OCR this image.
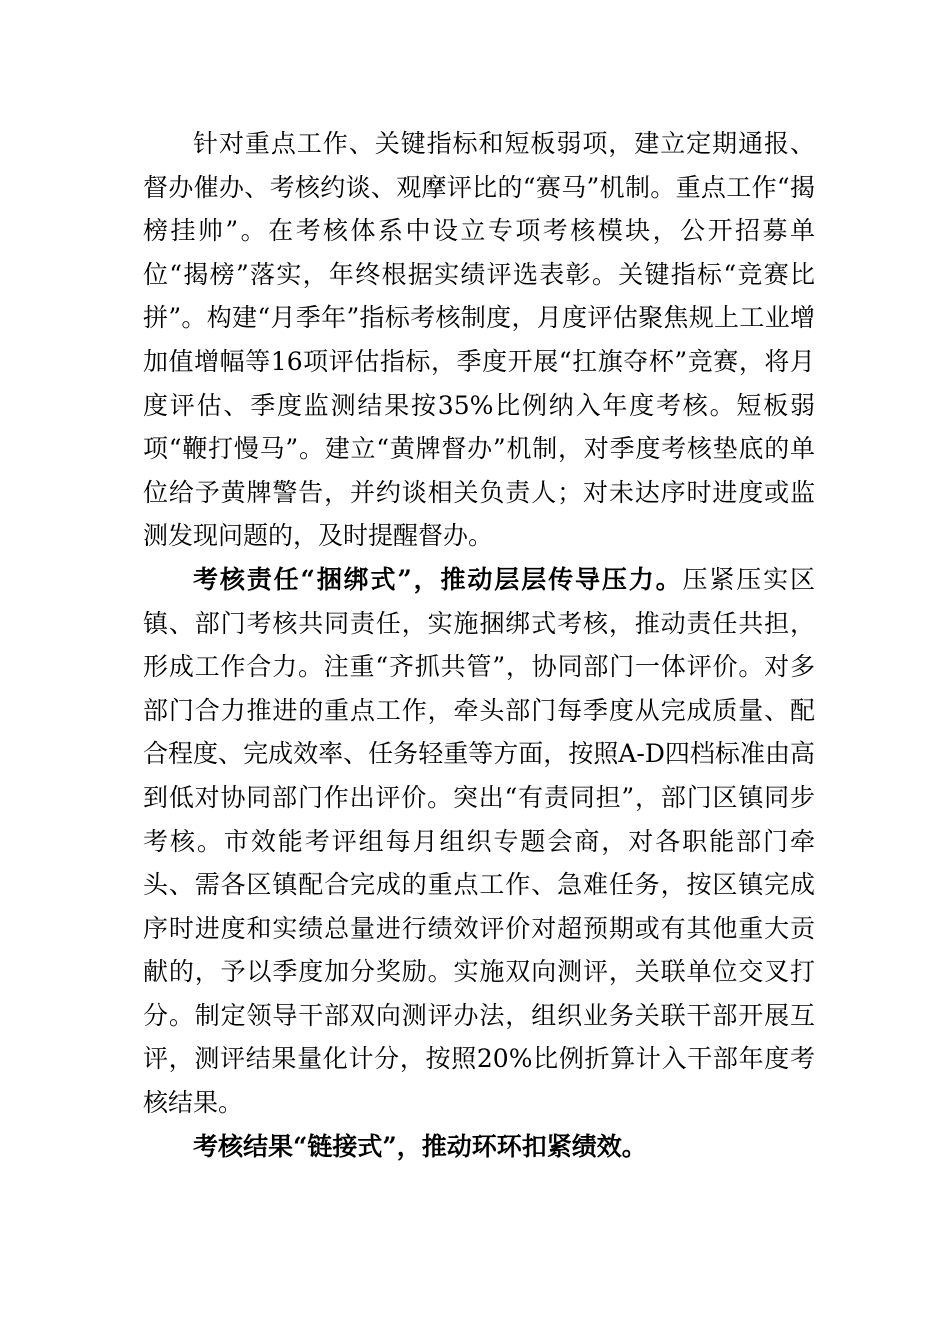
针对重点工作、关键指标和短板弱项，建立定期通报、督办催办、考核约谈、观摩评比的“赛马”机制。重点工作“揭榜挂帅”。在考核体系中设立专项考核模块，公开招募单位“揭榜”落实，年终根据实绩评选表彰。关键指标“竞赛比拼”。构建“月季年”指标考核制度，月度评估聚焦规上工业增加值增幅等16项评估指标，季度开展“扛旗夺杯”竞赛，将月度评估、季度监测结果按35%比例纳入年度考核。短板弱项“鞭打慢马”。建立“黄牌督办”机制，对季度考核垫底的单位给予黄牌警告，并约谈相关负责人；对未达序时进度或监测发现问题的，及时提醒督办。

考核责任“捆绑式”，推动层层传导压力。压紧压实区镇、部门考核共同责任，实施捆绑式考核，推动责任共担，形成工作合力。注重“齐抓共管”，协同部门一体评价。对多部门合力推进的重点工作，牵头部门每季度从完成质量、配合程度、完成效率、任务轻重等方面，按照A-D四档标准由高到低对协同部门作出评价。突出“有责同担”，部门区镇同步考核。市效能考评组每月组织专题会商，对各职能部门牵头、需各区镇配合完成的重点工作、急难任务，按区镇完成序时进度和实绩总量进行绩效评价对超预期或有其他重大贡献的，予以季度加分奖励。实施双向测评，关联单位交叉打分。制定领导干部双向测评办法，组织业务关联干部开展互评，测评结果量化计分，按照20%比例折算计入干部年度考核结果。

考核结果“链接式”，推动环环扣紧绩效。
